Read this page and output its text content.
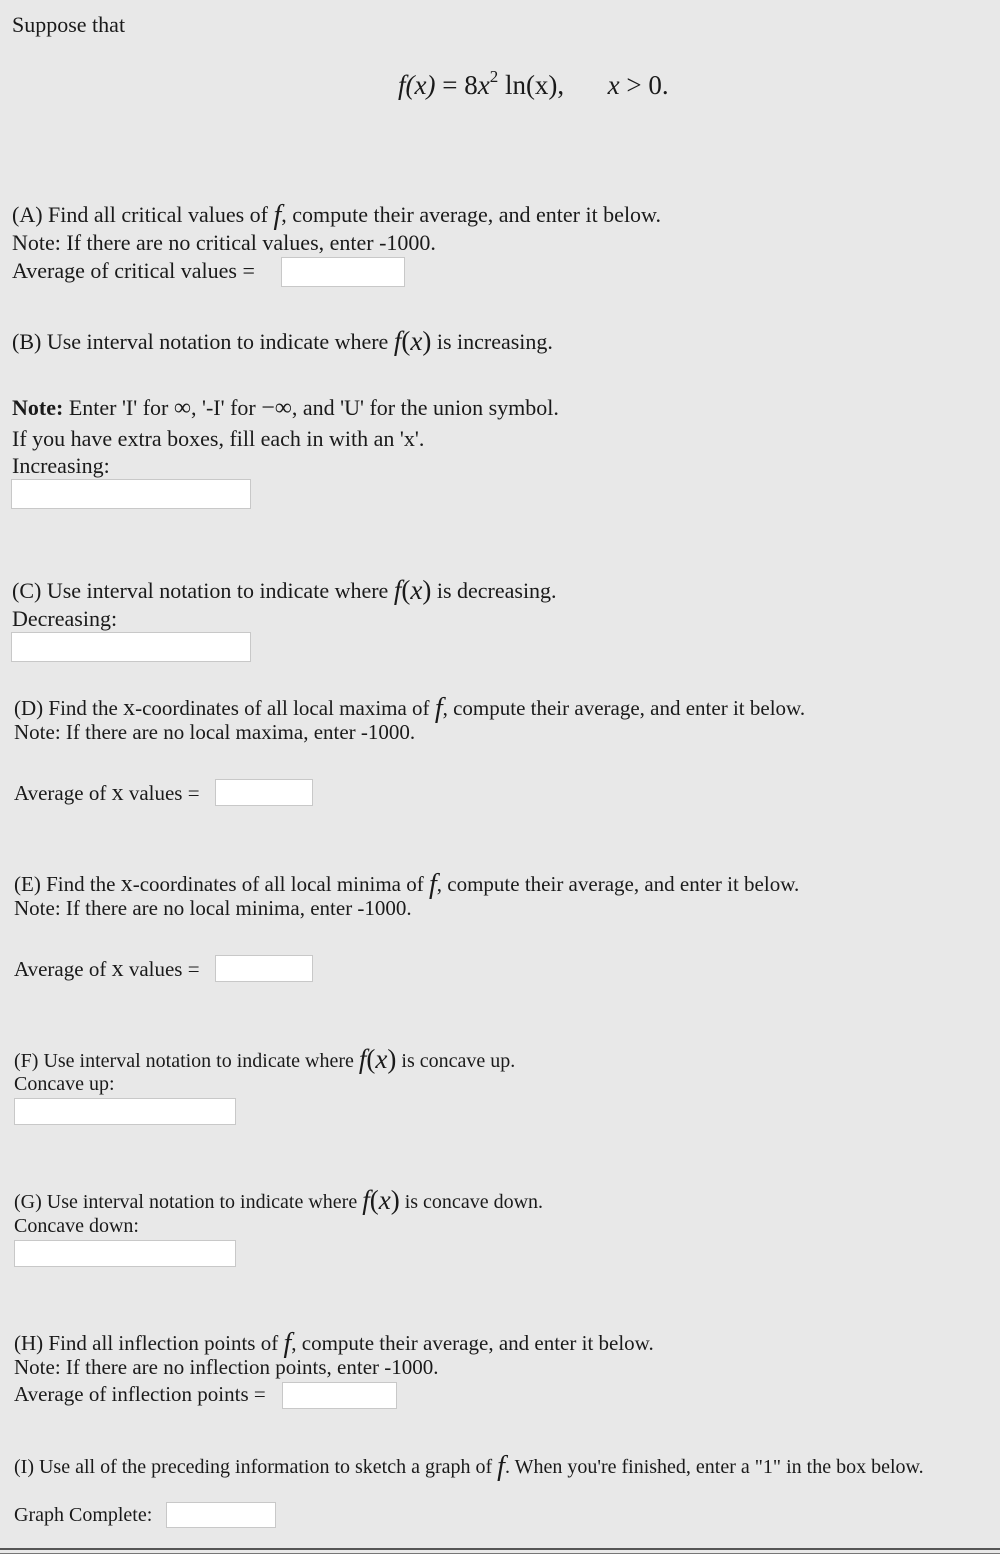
Suppose that
$f(x) = 8x^2$ ln(x), x > 0.
(A) Find all critical values of f, compute their average, and enter it below.
Note: If there are no critical values, enter -1000.
Average of critical values =
(B) Use interval notation to indicate where f(x) is increasing.
Note: Enter 'I' for ∞, '-I' for −∞, and 'U' for the union symbol.
If you have extra boxes, fill each in with an 'x'.
Increasing:
(C) Use interval notation to indicate where f(x) is decreasing.
Decreasing:
(D) Find the x-coordinates of all local maxima of f, compute their average, and enter it below.
Note: If there are no local maxima, enter -1000.
Average of x values =
(E) Find the x-coordinates of all local minima of f, compute their average, and enter it below.
Note: If there are no local minima, enter -1000.
Average of x values =
(F) Use interval notation to indicate where f(x) is concave up.
Concave up:
(G) Use interval notation to indicate where f(x) is concave down.
Concave down:
(H) Find all inflection points of f, compute their average, and enter it below.
Note: If there are no inflection points, enter -1000.
Average of inflection points =
(I) Use all of the preceding information to sketch a graph of f. When you're finished, enter a "1" in the box below.
Graph Complete:
